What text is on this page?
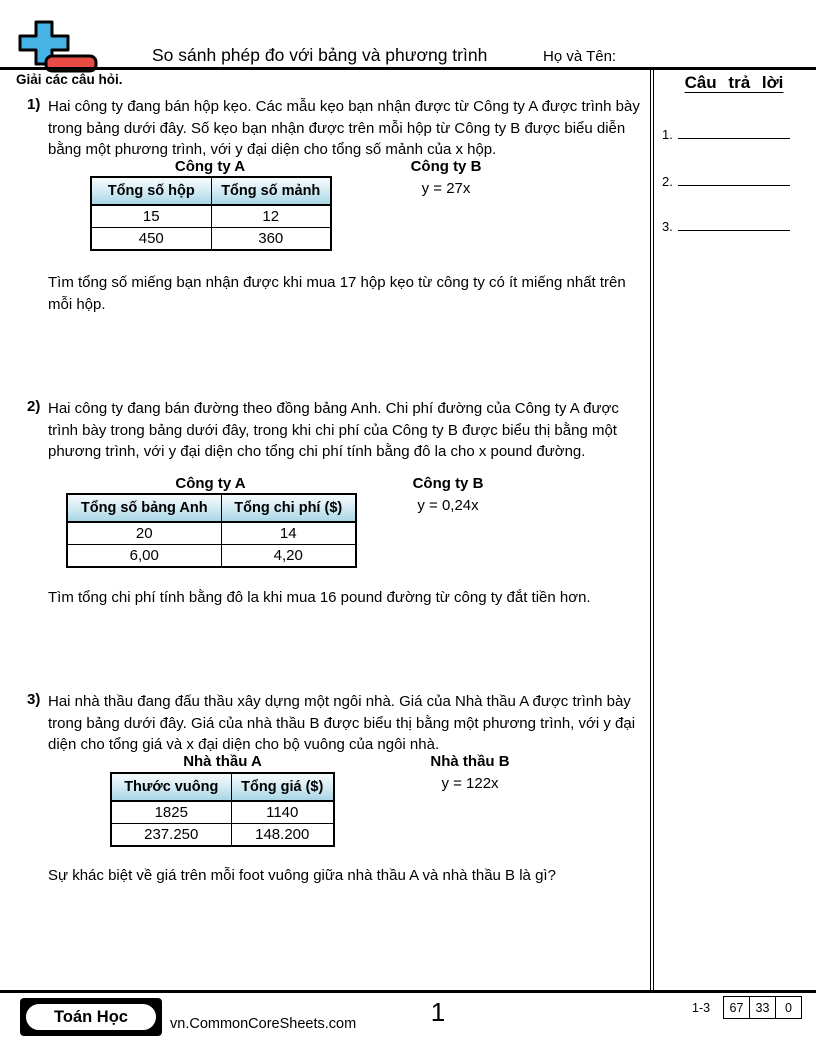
So sánh phép đo với bảng và phương trình	Họ và Tên:
Giải các câu hỏi.	Câu trả lời
1.
2.
3.
1) Hai công ty đang bán hộp kẹo. Các mẫu kẹo bạn nhận được từ Công ty A được trình bày trong bảng dưới đây. Số kẹo bạn nhận được trên mỗi hộp từ Công ty B được biểu diễn bằng một phương trình, với y đại diện cho tổng số mảnh của x hộp.
Công ty A
Tổng số hộp	Tổng số mảnh
15	12
450	360
Công ty B
y = 27x
Tìm tổng số miếng bạn nhận được khi mua 17 hộp kẹo từ công ty có ít miếng nhất trên mỗi hộp.
2) Hai công ty đang bán đường theo đồng bảng Anh. Chi phí đường của Công ty A được trình bày trong bảng dưới đây, trong khi chi phí của Công ty B được biểu thị bằng một phương trình, với y đại diện cho tổng chi phí tính bằng đô la cho x pound đường.
Công ty A
Tổng số bảng Anh	Tổng chi phí ($)
20	14
6,00	4,20
Công ty B
y = 0,24x
Tìm tổng chi phí tính bằng đô la khi mua 16 pound đường từ công ty đắt tiền hơn.
3) Hai nhà thầu đang đấu thầu xây dựng một ngôi nhà. Giá của Nhà thầu A được trình bày trong bảng dưới đây. Giá của nhà thầu B được biểu thị bằng một phương trình, với y đại diện cho tổng giá và x đại diện cho bộ vuông của ngôi nhà.
Nhà thầu A
Thước vuông	Tổng giá ($)
1825	1140
237.250	148.200
Nhà thầu B
y = 122x
Sự khác biệt về giá trên mỗi foot vuông giữa nhà thầu A và nhà thầu B là gì?
Toán Học	vn.CommonCoreSheets.com	1	1-3 67	33	0
